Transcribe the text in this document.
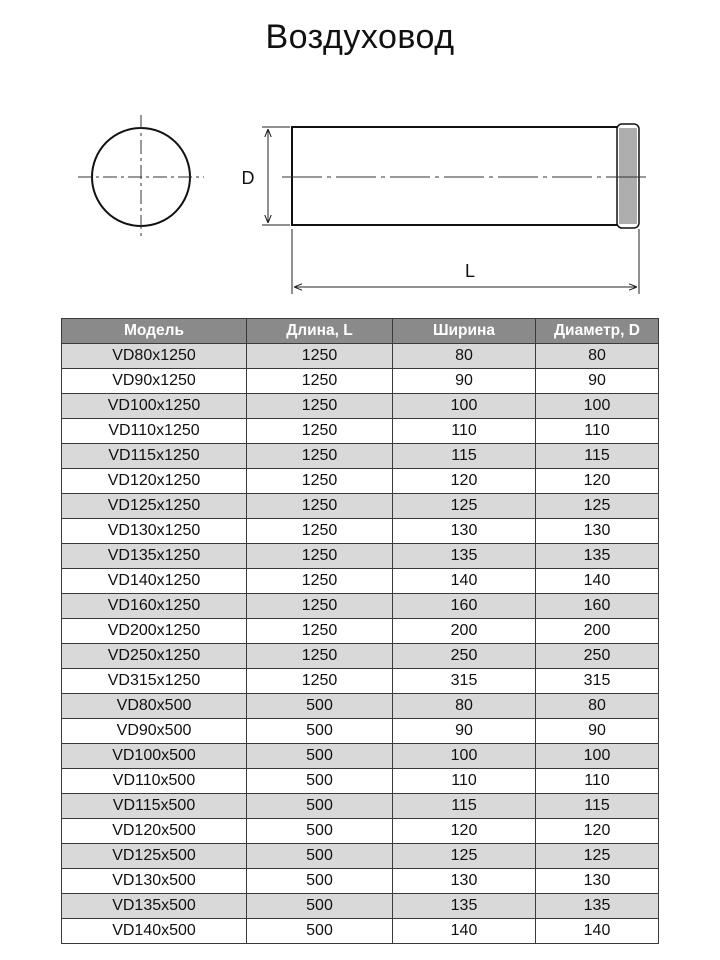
Воздуховод
D
L
Модель	Длина, L	Ширина	Диаметр, D
VD80x1250	1250	80	80
VD90x1250	1250	90	90
VD100x1250	1250	100	100
VD110x1250	1250	110	110
VD115x1250	1250	115	115
VD120x1250	1250	120	120
VD125x1250	1250	125	125
VD130x1250	1250	130	130
VD135x1250	1250	135	135
VD140x1250	1250	140	140
VD160x1250	1250	160	160
VD200x1250	1250	200	200
VD250x1250	1250	250	250
VD315x1250	1250	315	315
VD80x500	500	80	80
VD90x500	500	90	90
VD100x500	500	100	100
VD110x500	500	110	110
VD115x500	500	115	115
VD120x500	500	120	120
VD125x500	500	125	125
VD130x500	500	130	130
VD135x500	500	135	135
VD140x500	500	140	140
